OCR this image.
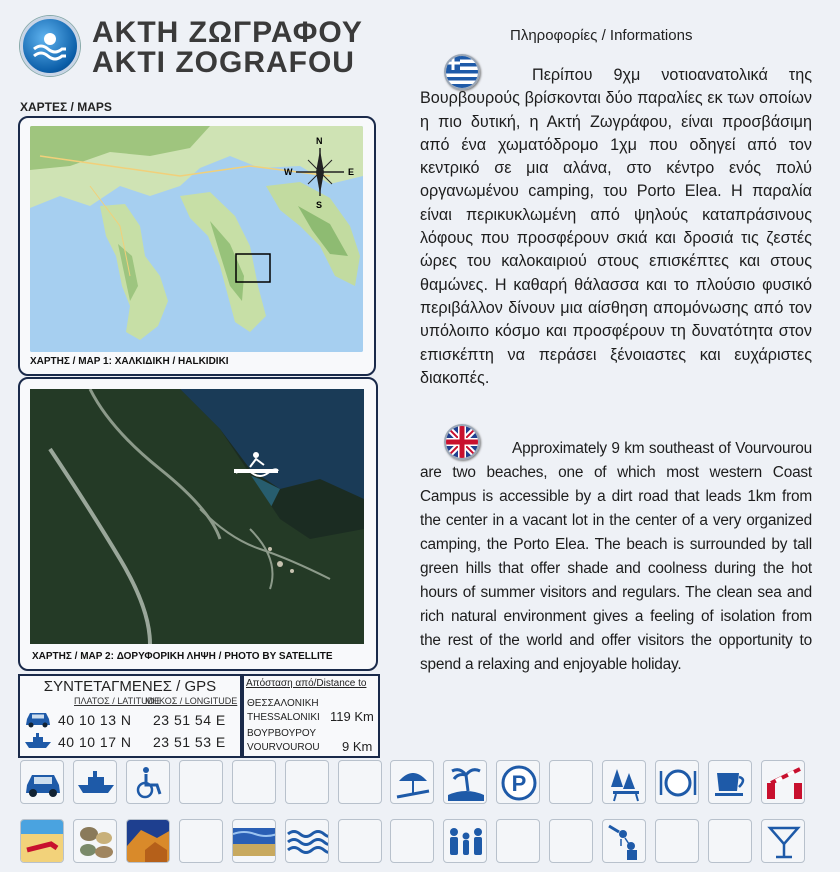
ΑΚΤΗ ΖΩΓΡΑΦΟΥ
AKTI ZOGRAFOU
ΧΑΡΤΕΣ / MAPS
N
S
E
W
ΧΑΡΤΗΣ / MAP 1: ΧΑΛΚΙΔΙΚΗ / HALKIDIKI
ΧΑΡΤΗΣ / MAP 2: ΔΟΡΥΦΟΡΙΚΗ ΛΗΨΗ / PHOTO BY SATELLITE
ΣΥΝΤΕΤΑΓΜΕΝΕΣ / GPS
ΠΛΑΤΟΣ / LATITUDE
ΜΗΚΟΣ / LONGITUDE
40 10 13 N 23 51 54 E
40 10 17 N 23 51 53 E
Απόσταση από/Distance to
ΘΕΣΣΑΛΟΝΙΚΗ
THESSALONIKI 119 Km
ΒΟΥΡΒΟΥΡΟΥ
VOURVOUROU 9 Km
Πληροφορίες / Informations
Περίπου 9χμ νοτιοανατολικά της Βουρβουρούς βρίσκονται δύο παραλίες εκ των οποίων η πιο δυτική, η Ακτή Ζωγράφου, είναι προσβάσιμη από ένα χωματόδρομο 1χμ που οδηγεί από τον κεντρικό σε μια αλάνα, στο κέντρο ενός πολύ οργανωμένου camping, του Porto Elea. Η παραλία είναι περικυκλωμένη από ψηλούς καταπράσινους λόφους που προσφέρουν σκιά και δροσιά τις ζεστές ώρες του καλοκαιριού στους επισκέπτες και στους θαμώνες. Η καθαρή θάλασσα και το πλούσιο φυσικό περιβάλλον δίνουν μια αίσθηση απομόνωσης από τον υπόλοιπο κόσμο και προσφέρουν τη δυνατότητα στον επισκέπτη να περάσει ξένοιαστες και ευχάριστες διακοπές.
Approximately 9 km southeast of Vourvourou are two beaches, one of which most western Coast Campus is accessible by a dirt road that leads 1km from the center in a vacant lot in the center of a very organized camping, the Porto Elea. The beach is surrounded by tall green hills that offer shade and coolness during the hot hours of summer visitors and regulars. The clean sea and rich natural environment gives a feeling of isolation from the rest of the world and offer visitors the opportunity to spend a relaxing and enjoyable holiday.
P
